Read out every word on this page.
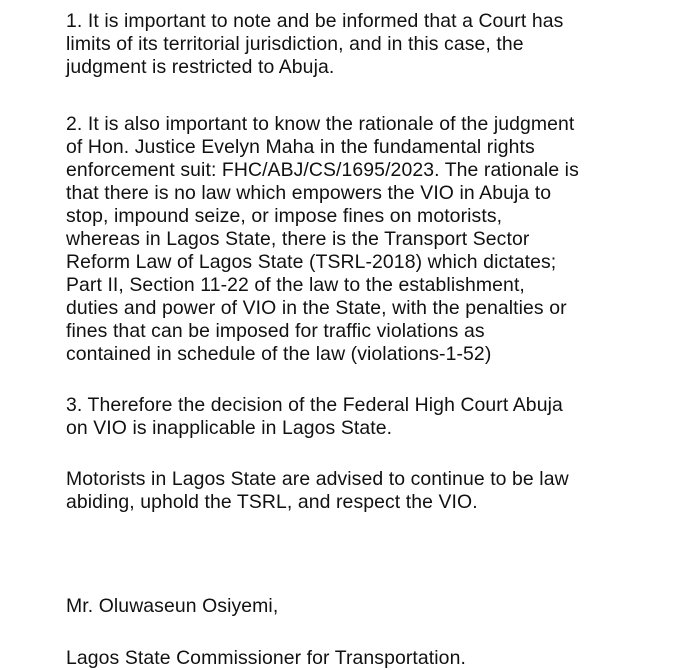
1. It is important to note and be informed that a Court has
limits of its territorial jurisdiction, and in this case, the
judgment is restricted to Abuja.
2. It is also important to know the rationale of the judgment
of Hon. Justice Evelyn Maha in the fundamental rights
enforcement suit: FHC/ABJ/CS/1695/2023. The rationale is
that there is no law which empowers the VIO in Abuja to
stop, impound seize, or impose fines on motorists,
whereas in Lagos State, there is the Transport Sector
Reform Law of Lagos State (TSRL-2018) which dictates;
Part II, Section 11-22 of the law to the establishment,
duties and power of VIO in the State, with the penalties or
fines that can be imposed for traffic violations as
contained in schedule of the law (violations-1-52)
3. Therefore the decision of the Federal High Court Abuja
on VIO is inapplicable in Lagos State.
Motorists in Lagos State are advised to continue to be law
abiding, uphold the TSRL, and respect the VIO.
Mr. Oluwaseun Osiyemi,
Lagos State Commissioner for Transportation.
